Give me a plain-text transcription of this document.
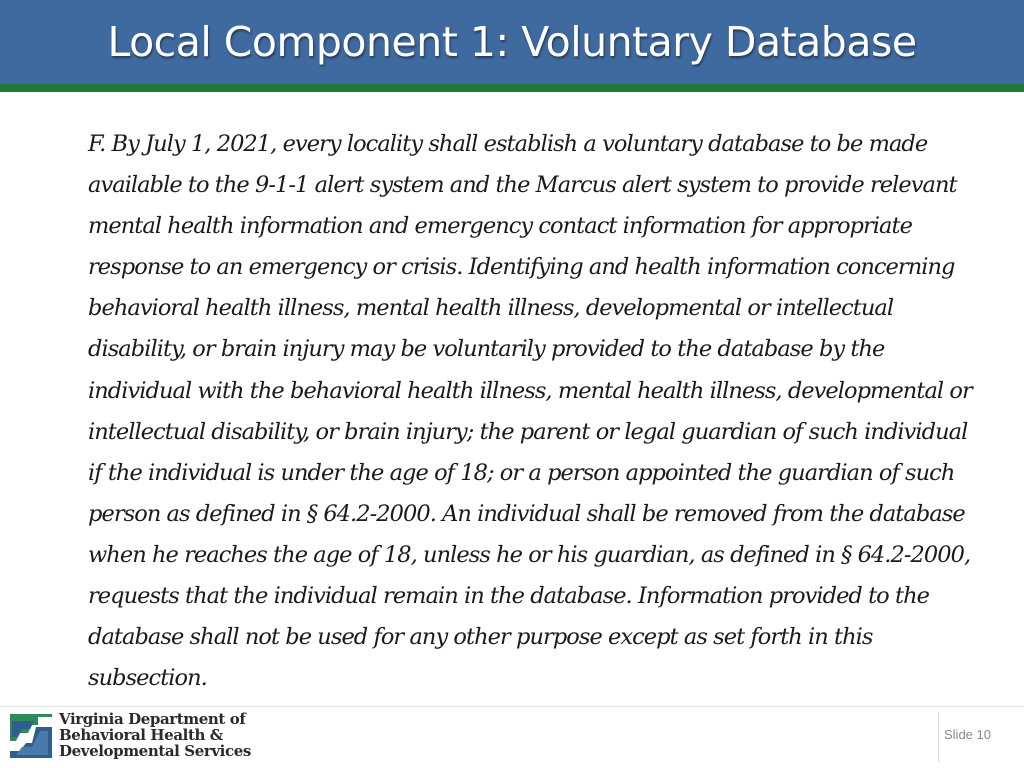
Local Component 1: Voluntary Database

F. By July 1, 2021, every locality shall establish a voluntary database to be made available to the 9-1-1 alert system and the Marcus alert system to provide relevant mental health information and emergency contact information for appropriate response to an emergency or crisis. Identifying and health information concerning behavioral health illness, mental health illness, developmental or intellectual disability, or brain injury may be voluntarily provided to the database by the individual with the behavioral health illness, mental health illness, developmental or intellectual disability, or brain injury; the parent or legal guardian of such individual if the individual is under the age of 18; or a person appointed the guardian of such person as defined in § 64.2-2000. An individual shall be removed from the database when he reaches the age of 18, unless he or his guardian, as defined in § 64.2-2000, requests that the individual remain in the database. Information provided to the database shall not be used for any other purpose except as set forth in this subsection.

Virginia Department of
Behavioral Health &
Developmental Services
Slide 10
